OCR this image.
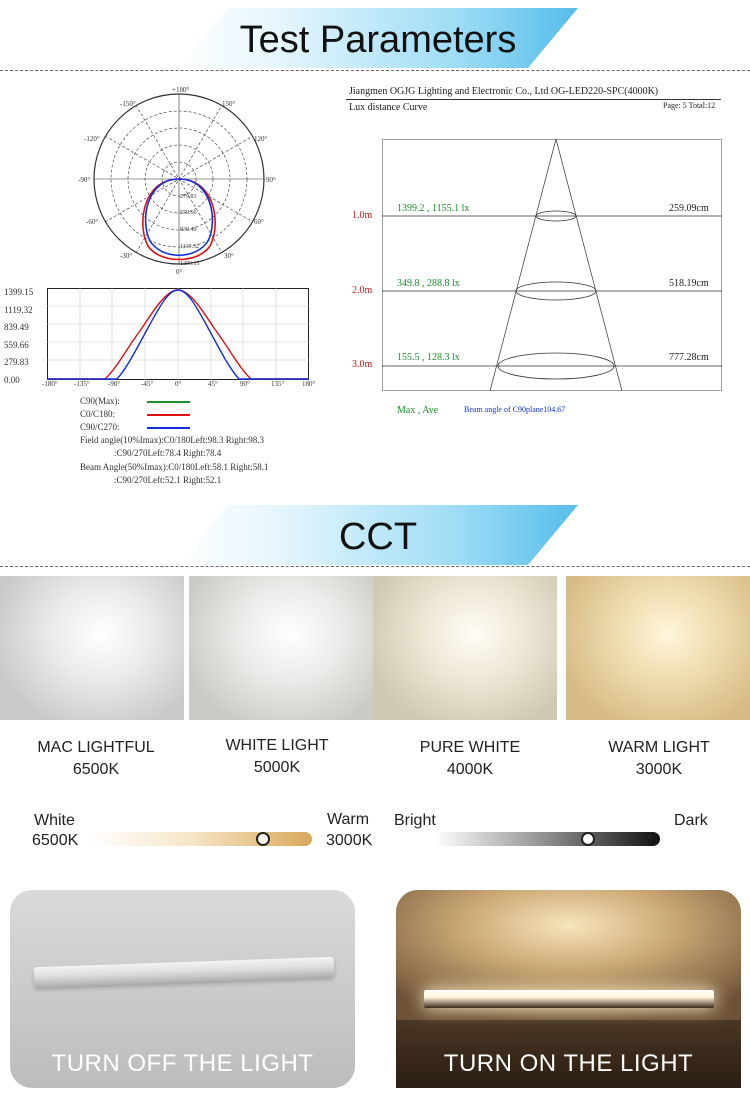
Test Parameters
+180°
-150°	150°
-120°	120°
-90°	90°
-60°	60°
-30°	30°
0°
279.83
559.66
839.49
1119.32
1399.15
1399.15
1119.32
839.49
559.66
279.83
0.00	-180° -135°	-90°	-45°	0°	45°	90°	135°	180°
C90(Max):
C0/C180:
C90/C270:
Field angle(10%Imax):C0/180Left:98.3 Right:98.3
:C90/270Left:78.4 Right:78.4
Beam Angle(50%Imax):C0/180Left:58.1 Right:58.1
:C90/270Left:52.1 Right:52.1
Jiangmen OGJG Lighting and Electronic Co., Ltd OG-LED220-SPC(4000K)
Lux distance Curve	Page: 5 Total:12
1.0m
1399.2 , 1155.1 lx	259.09cm
2.0m
349.8 , 288.8 lx	518.19cm
3.0m
155.5 , 128.3 lx	777.28cm
Max , Ave	Beam angle of C90plane104.67
CCT
MAC LIGHTFUL
6500K
WHITE LIGHT
5000K
PURE WHITE
4000K
WARM LIGHT
3000K
White
6500K
Warm
3000K
Bright	Dark
TURN OFF THE LIGHT	TURN ON THE LIGHT
